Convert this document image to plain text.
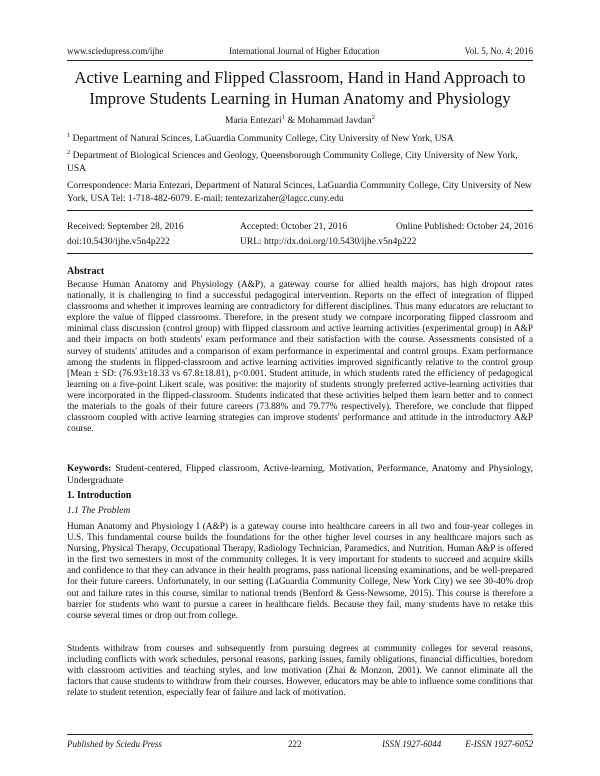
www.sciedupress.com/ijhe	International Journal of Higher Education	Vol. 5, No. 4; 2016
Active Learning and Flipped Classroom, Hand in Hand Approach to Improve Students Learning in Human Anatomy and Physiology
Maria Entezari$^1$ & Mohammad Javdan$^2$
$^1$ Department of Natural Scinces, LaGuardia Community College, City University of New York, USA
$^2$ Department of Biological Sciences and Geology, Queensborough Community College, City University of New York, USA
Correspondence: Maria Entezari, Department of Natural Scinces, LaGuardia Community College, City University of New York, USA Tel: 1-718-482-6079. E-mail: tentezarizaher@lagcc.cuny.edu
Received: September 28, 2016	Accepted: October 21, 2016	Online Published: October 24, 2016
doi:10.5430/ijhe.v5n4p222	URL: http://dx.doi.org/10.5430/ijhe.v5n4p222
Abstract

Because Human Anatomy and Physiology (A&P), a gateway course for allied health majors, has high dropout rates nationally, it is challenging to find a successful pedagogical intervention. Reports on the effect of integration of flipped classrooms and whether it improves learning are contradictory for different disciplines. Thus many educators are reluctant to explore the value of flipped classrooms. Therefore, in the present study we compare incorporating flipped classroom and minimal class discussion (control group) with flipped classroom and active learning activities (experimental group) in A&P and their impacts on both students' exam performance and their satisfaction with the course. Assessments consisted of a survey of students' attitudes and a comparison of exam performance in experimental and control groups. Exam performance among the students in flipped-classroom and active learning activities improved significantly relative to the control group [Mean ± SD: (76.93±18.33 vs 67.8±18.81), p<0.001. Student attitude, in which students rated the efficiency of pedagogical learning on a five-point Likert scale, was positive: the majority of students strongly preferred active-learning activities that were incorporated in the flipped-classroom. Students indicated that these activities helped them learn better and to connect the materials to the goals of their future careers (73.88% and 79.77% respectively). Therefore, we conclude that flipped classroom coupled with active learning strategies can improve students' performance and attitude in the introductory A&P course.

Keywords: Student-centered, Flipped classroom, Active-learning, Motivation, Performance, Anatomy and Physiology, Undergraduate

1. Introduction
1.1 The Problem

Human Anatomy and Physiology I (A&P) is a gateway course into healthcare careers in all two and four-year colleges in U.S. This fundamental course builds the foundations for the other higher level courses in any healthcare majors such as Nursing, Physical Therapy, Occupational Therapy, Radiology Technician, Paramedics, and Nutrition. Human A&P is offered in the first two semesters in most of the community colleges. It is very important for students to succeed and acquire skills and confidence to that they can advance in their health programs, pass national licensing examinations, and be well-prepared for their future careers. Unfortunately, in our setting (LaGuardia Community College, New York City) we see 30-40% drop out and failure rates in this course, similar to national trends (Benford & Gess-Newsome, 2015). This course is therefore a barrier for students who want to pursue a career in healthcare fields. Because they fail, many students have to retake this course several times or drop out from college.

Students withdraw from courses and subsequently from pursuing degrees at community colleges for several reasons, including conflicts with work schedules, personal reasons, parking issues, family obligations, financial difficulties, boredom with classroom activities and teaching styles, and low motivation (Zhai & Monzon, 2001). We cannot eliminate all the factors that cause students to withdraw from their courses. However, educators may be able to influence some conditions that relate to student retention, especially fear of failure and lack of motivation.

Published by Sciedu Press	222	ISSN 1927-6044	E-ISSN 1927-6052
